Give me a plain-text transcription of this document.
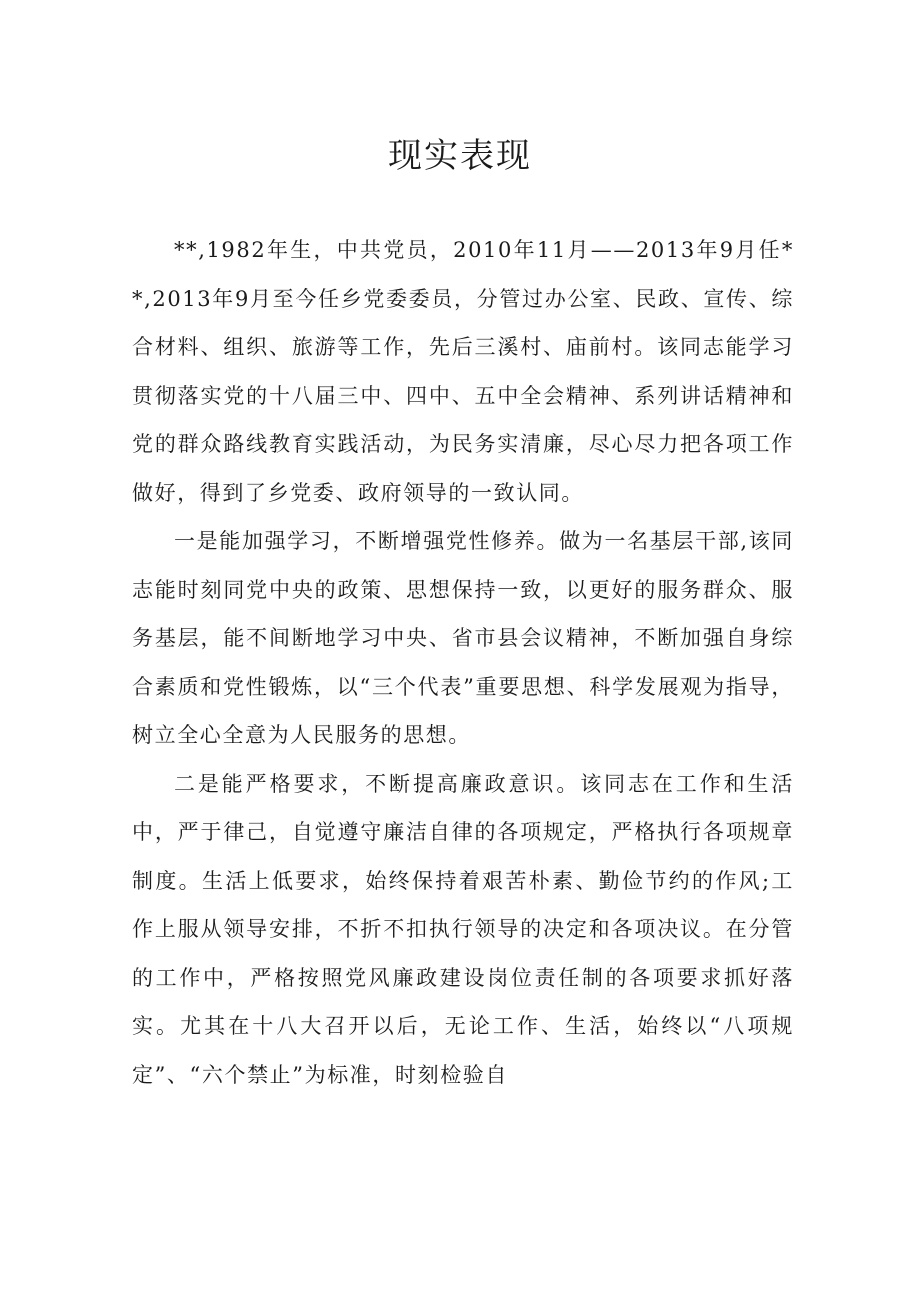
现实表现

**,1982年生，中共党员，2010年11月——2013年9月任**,2013年9月至今任乡党委委员，分管过办公室、民政、宣传、综合材料、组织、旅游等工作，先后三溪村、庙前村。该同志能学习贯彻落实党的十八届三中、四中、五中全会精神、系列讲话精神和党的群众路线教育实践活动，为民务实清廉，尽心尽力把各项工作做好，得到了乡党委、政府领导的一致认同。

一是能加强学习，不断增强党性修养。做为一名基层干部,该同志能时刻同党中央的政策、思想保持一致，以更好的服务群众、服务基层，能不间断地学习中央、省市县会议精神，不断加强自身综合素质和党性锻炼，以“三个代表”重要思想、科学发展观为指导，树立全心全意为人民服务的思想。

二是能严格要求，不断提高廉政意识。该同志在工作和生活中，严于律己，自觉遵守廉洁自律的各项规定，严格执行各项规章制度。生活上低要求，始终保持着艰苦朴素、勤俭节约的作风;工作上服从领导安排，不折不扣执行领导的决定和各项决议。在分管的工作中，严格按照党风廉政建设岗位责任制的各项要求抓好落实。尤其在十八大召开以后，无论工作、生活，始终以“八项规定”、“六个禁止”为标准，时刻检验自
